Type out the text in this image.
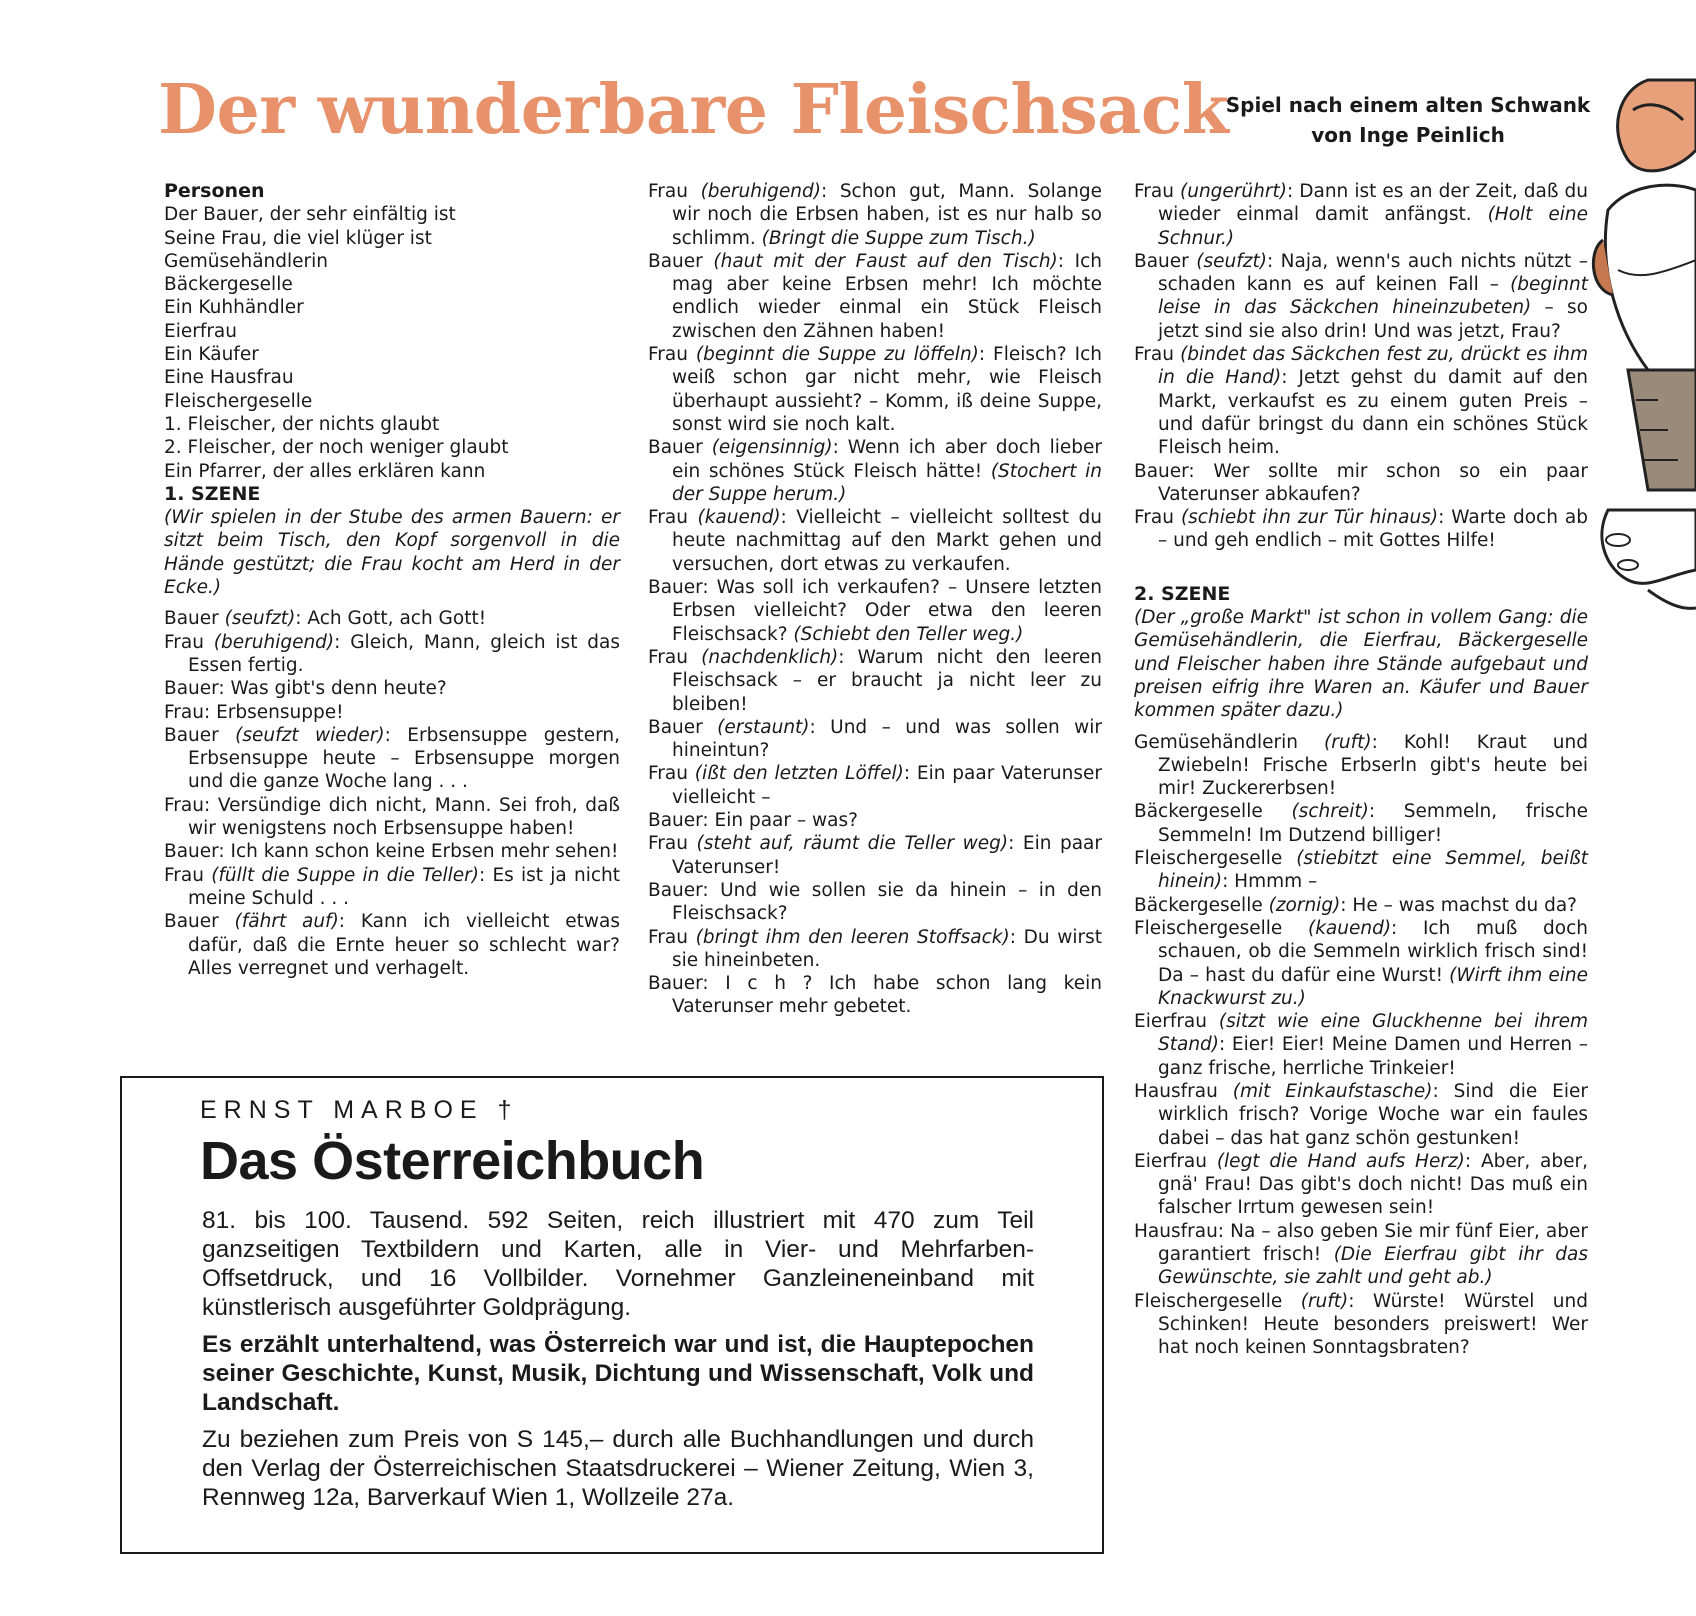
Der wunderbare Fleischsack
Spiel nach einem alten Schwank
von Inge Peinlich

Personen

Der Bauer, der sehr einfältig ist

Seine Frau, die viel klüger ist

Gemüsehändlerin

Bäckergeselle

Ein Kuhhändler

Eierfrau

Ein Käufer

Eine Hausfrau

Fleischergeselle

1. Fleischer, der nichts glaubt

2. Fleischer, der noch weniger glaubt

Ein Pfarrer, der alles erklären kann

1. SZENE

(Wir spielen in der Stube des armen Bauern: er sitzt beim Tisch, den Kopf sorgenvoll in die Hände gestützt; die Frau kocht am Herd in der Ecke.)

Bauer (seufzt): Ach Gott, ach Gott!

Frau (beruhigend): Gleich, Mann, gleich ist das Essen fertig.

Bauer: Was gibt's denn heute?

Frau: Erbsensuppe!

Bauer (seufzt wieder): Erbsensuppe gestern, Erbsensuppe heute – Erbsensuppe morgen und die ganze Woche lang . . .

Frau: Versündige dich nicht, Mann. Sei froh, daß wir wenigstens noch Erbsensuppe haben!

Bauer: Ich kann schon keine Erbsen mehr sehen!

Frau (füllt die Suppe in die Teller): Es ist ja nicht meine Schuld . . .

Bauer (fährt auf): Kann ich vielleicht etwas dafür, daß die Ernte heuer so schlecht war? Alles verregnet und verhagelt.

Frau (beruhigend): Schon gut, Mann. Solange wir noch die Erbsen haben, ist es nur halb so schlimm. (Bringt die Suppe zum Tisch.)

Bauer (haut mit der Faust auf den Tisch): Ich mag aber keine Erbsen mehr! Ich möchte endlich wieder einmal ein Stück Fleisch zwischen den Zähnen haben!

Frau (beginnt die Suppe zu löffeln): Fleisch? Ich weiß schon gar nicht mehr, wie Fleisch überhaupt aussieht? – Komm, iß deine Suppe, sonst wird sie noch kalt.

Bauer (eigensinnig): Wenn ich aber doch lieber ein schönes Stück Fleisch hätte! (Stochert in der Suppe herum.)

Frau (kauend): Vielleicht – vielleicht solltest du heute nachmittag auf den Markt gehen und versuchen, dort etwas zu verkaufen.

Bauer: Was soll ich verkaufen? – Unsere letzten Erbsen vielleicht? Oder etwa den leeren Fleischsack? (Schiebt den Teller weg.)

Frau (nachdenklich): Warum nicht den leeren Fleischsack – er braucht ja nicht leer zu bleiben!

Bauer (erstaunt): Und – und was sollen wir hineintun?

Frau (ißt den letzten Löffel): Ein paar Vaterunser vielleicht –

Bauer: Ein paar – was?

Frau (steht auf, räumt die Teller weg): Ein paar Vaterunser!

Bauer: Und wie sollen sie da hinein – in den Fleischsack?

Frau (bringt ihm den leeren Stoffsack): Du wirst sie hineinbeten.

Bauer: I c h ? Ich habe schon lang kein Vaterunser mehr gebetet.

Frau (ungerührt): Dann ist es an der Zeit, daß du wieder einmal damit anfängst. (Holt eine Schnur.)

Bauer (seufzt): Naja, wenn's auch nichts nützt – schaden kann es auf keinen Fall – (beginnt leise in das Säckchen hineinzubeten) – so jetzt sind sie also drin! Und was jetzt, Frau?

Frau (bindet das Säckchen fest zu, drückt es ihm in die Hand): Jetzt gehst du damit auf den Markt, verkaufst es zu einem guten Preis – und dafür bringst du dann ein schönes Stück Fleisch heim.

Bauer: Wer sollte mir schon so ein paar Vaterunser abkaufen?

Frau (schiebt ihn zur Tür hinaus): Warte doch ab – und geh endlich – mit Gottes Hilfe!

2. SZENE

(Der „große Markt" ist schon in vollem Gang: die Gemüsehändlerin, die Eierfrau, Bäckergeselle und Fleischer haben ihre Stände aufgebaut und preisen eifrig ihre Waren an. Käufer und Bauer kommen später dazu.)

Gemüsehändlerin (ruft): Kohl! Kraut und Zwiebeln! Frische Erbserln gibt's heute bei mir! Zuckererbsen!

Bäckergeselle (schreit): Semmeln, frische Semmeln! Im Dutzend billiger!

Fleischergeselle (stiebitzt eine Semmel, beißt hinein): Hmmm –

Bäckergeselle (zornig): He – was machst du da?

Fleischergeselle (kauend): Ich muß doch schauen, ob die Semmeln wirklich frisch sind! Da – hast du dafür eine Wurst! (Wirft ihm eine Knackwurst zu.)

Eierfrau (sitzt wie eine Gluckhenne bei ihrem Stand): Eier! Eier! Meine Damen und Herren – ganz frische, herrliche Trinkeier!

Hausfrau (mit Einkaufstasche): Sind die Eier wirklich frisch? Vorige Woche war ein faules dabei – das hat ganz schön gestunken!

Eierfrau (legt die Hand aufs Herz): Aber, aber, gnä' Frau! Das gibt's doch nicht! Das muß ein falscher Irrtum gewesen sein!

Hausfrau: Na – also geben Sie mir fünf Eier, aber garantiert frisch! (Die Eierfrau gibt ihr das Gewünschte, sie zahlt und geht ab.)

Fleischergeselle (ruft): Würste! Würstel und Schinken! Heute besonders preiswert! Wer hat noch keinen Sonntagsbraten?

ERNST MARBOE †
Das Österreichbuch

81. bis 100. Tausend. 592 Seiten, reich illustriert mit 470 zum Teil ganzseitigen Textbildern und Karten, alle in Vier- und Mehrfarben-Offsetdruck, und 16 Vollbilder. Vornehmer Ganzleineneinband mit künstlerisch ausgeführter Goldprägung.

Es erzählt unterhaltend, was Österreich war und ist, die Hauptepochen seiner Geschichte, Kunst, Musik, Dichtung und Wissenschaft, Volk und Landschaft.

Zu beziehen zum Preis von S 145,– durch alle Buchhandlungen und durch den Verlag der Österreichischen Staatsdruckerei – Wiener Zeitung, Wien 3, Rennweg 12a, Barverkauf Wien 1, Wollzeile 27a.
